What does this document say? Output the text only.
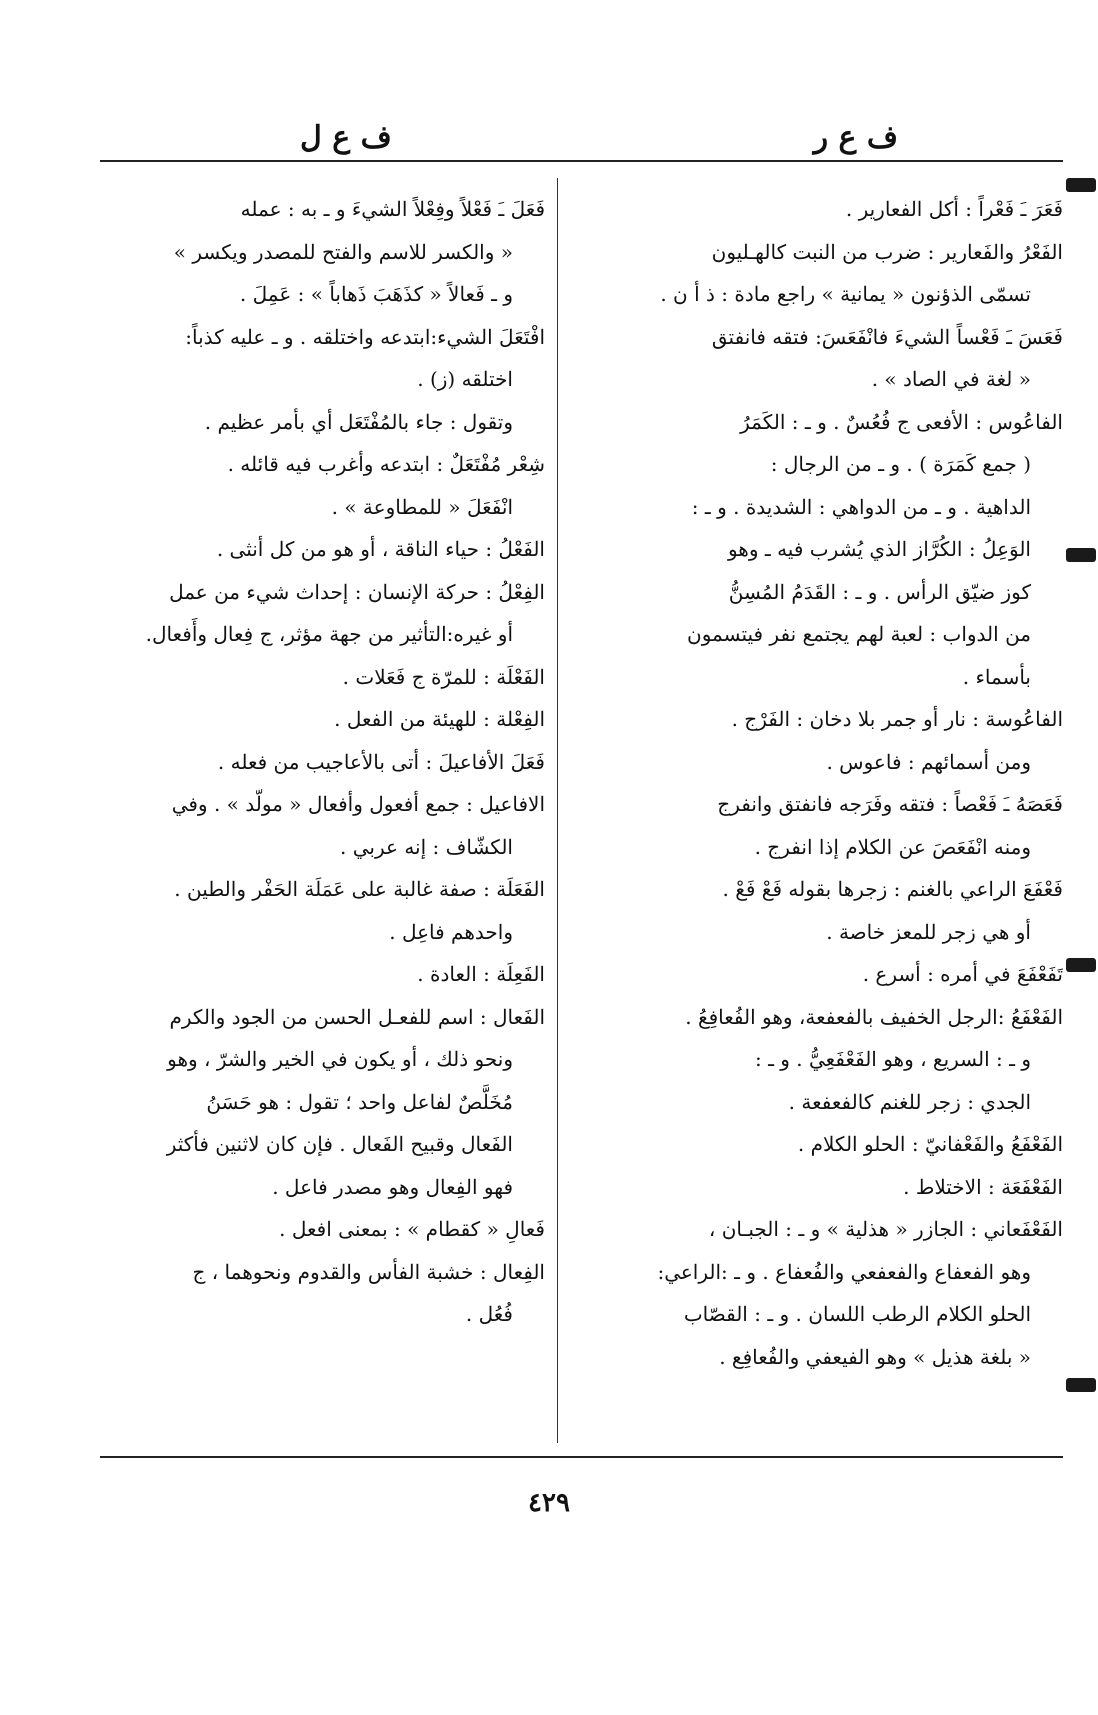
ف ع ر
ف ع ل
فَعَرَ ـَ فَعْراً : أكل الفعارير .
الفَعْرُ والفَعارير : ضرب من النبت كالهـليون
تسمّى الذؤنون « يمانية » راجع مادة : ذ أ ن .
فَعَسَ ـَ فَعْساً الشيءَ فانْفَعَسَ: فتقه فانفتق
« لغة في الصاد » .
الفاعُوس : الأفعى ج فُعُسٌ . و ـ : الكَمَرُ
( جمع كَمَرَة ) . و ـ من الرجال :
الداهية . و ـ من الدواهي : الشديدة . و ـ :
الوَعِلُ : الكُرَّاز الذي يُشرب فيه ـ وهو
كوز ضيّق الرأس . و ـ : القَدَمُ المُسِنُّ
من الدواب : لعبة لهم يجتمع نفر فيتسمون
بأسماء .
الفاعُوسة : نار أو جمر بلا دخان : الفَرْج .
ومن أسمائهم : فاعوس .
فَعَصَهُ ـَ فَعْصاً : فتقه وفَرَجه فانفتق وانفرج
ومنه انْفَعَصَ عن الكلام إذا انفرج .
فَعْفَعَ الراعي بالغنم : زجرها بقوله فَعْ فَعْ .
أو هي زجر للمعز خاصة .
تَفَعْفَعَ في أمره : أسرع .
الفَعْفَعُ :الرجل الخفيف بالفعفعة، وهو الفُعافِعُ .
و ـ : السريع ، وهو الفَعْفَعِيُّ . و ـ :
الجدي : زجر للغنم كالفعفعة .
الفَعْفَعُ والفَعْفانيّ : الحلو الكلام .
الفَعْفَعَة : الاختلاط .
الفَعْفَعاني : الجازر « هذلية » و ـ : الجبـان ،
وهو الفعفاع والفعفعي والفُعفاع . و ـ :الراعي:
الحلو الكلام الرطب اللسان . و ـ : القصّاب
« بلغة هذيل » وهو الفيعفي والفُعافِع .
فَعَلَ ـَ فَعْلاً وفِعْلاً الشيءَ و ـ به : عمله
« والكسر للاسم والفتح للمصدر ويكسر »
و ـ فَعالاً « كذَهَبَ ذَهاباً » : عَمِلَ .
افْتَعَلَ الشيء:ابتدعه واختلقه . و ـ عليه كذباً:
اختلقه (ز) .
وتقول : جاء بالمُفْتَعَل أي بأمر عظيم .
شِعْر مُفْتَعَلٌ : ابتدعه وأغرب فيه قائله .
انْفَعَلَ « للمطاوعة » .
الفَعْلُ : حياء الناقة ، أو هو من كل أنثى .
الفِعْلُ : حركة الإنسان : إحداث شيء من عمل
أو غيره:التأثير من جهة مؤثر، ج فِعال وأَفعال.
الفَعْلَة : للمرّة ج فَعَلات .
الفِعْلة : للهيئة من الفعل .
فَعَلَ الأفاعيلَ : أتى بالأعاجيب من فعله .
الافاعيل : جمع أفعول وأفعال « مولّد » . وفي
الكشّاف : إنه عربي .
الفَعَلَة : صفة غالبة على عَمَلَة الحَفْر والطين .
واحدهم فاعِل .
الفَعِلَة : العادة .
الفَعال : اسم للفعـل الحسن من الجود والكرم
ونحو ذلك ، أو يكون في الخير والشرّ ، وهو
مُخَلَّصٌ لفاعل واحد ؛ تقول : هو حَسَنُ
الفَعال وقبيح الفَعال . فإن كان لاثنين فأكثر
فهو الفِعال وهو مصدر فاعل .
فَعالِ « كقطام » : بمعنى افعل .
الفِعال : خشبة الفأس والقدوم ونحوهما ، ج
فُعُل .
٤٢٩
